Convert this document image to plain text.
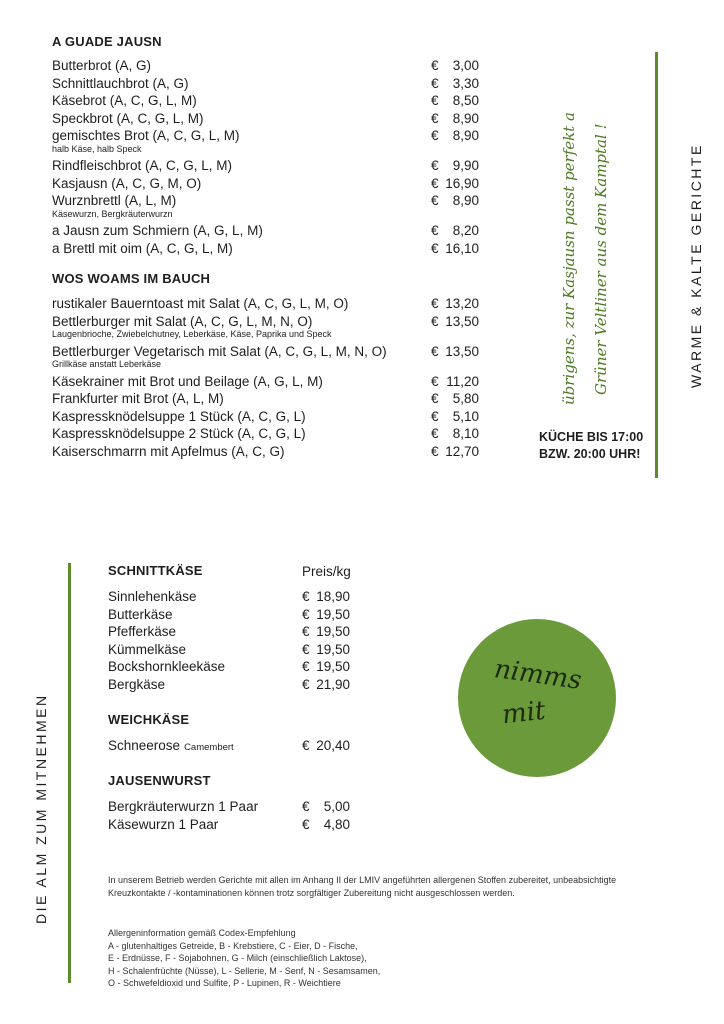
A GUADE JAUSN
Butterbrot (A, G)	€ 3,00
Schnittlauchbrot (A, G)	€ 3,30
Käsebrot (A, C, G, L, M)	€ 8,50
Speckbrot (A, C, G, L, M)	€ 8,90
gemischtes Brot (A, C, G, L, M)	€ 8,90
halb Käse, halb Speck
Rindfleischbrot (A, C, G, L, M)	€ 9,90
Kasjausn (A, C, G, M, O)	€ 16,90
Wurznbrettl (A, L, M)	€ 8,90
Käsewurzn, Bergkräuterwurzn
a Jausn zum Schmiern (A, G, L, M)	€ 8,20
a Brettl mit oim (A, C, G, L, M)	€ 16,10
WOS WOAMS IM BAUCH
rustikaler Bauerntoast mit Salat (A, C, G, L, M, O)	€ 13,20
Bettlerburger mit Salat (A, C, G, L, M, N, O)	€ 13,50
Laugenbrioche, Zwiebelchutney, Leberkäse, Käse, Paprika und Speck
Bettlerburger Vegetarisch mit Salat (A, C, G, L, M, N, O)	€ 13,50
Grillkäse anstatt Leberkäse
Käsekrainer mit Brot und Beilage (A, G, L, M)	€ 11,20
Frankfurter mit Brot (A, L, M)	€ 5,80
Kaspressknödelsuppe 1 Stück (A, C, G, L)	€ 5,10
Kaspressknödelsuppe 2 Stück (A, C, G, L)	€ 8,10
Kaiserschmarrn mit Apfelmus (A, C, G)	€ 12,70
übrigens, zur Kasjausn passt perfekt a Grüner Veltliner aus dem Kamptal !
KÜCHE BIS 17:00
BZW. 20:00 UHR!
WARME & KALTE GERICHTE
DIE ALM ZUM MITNEHMEN
SCHNITTKÄSE	Preis/kg
Sinnlehenkäse	€ 18,90
Butterkäse	€ 19,50
Pfefferkäse	€ 19,50
Kümmelkäse	€ 19,50
Bockshornkleekäse	€ 19,50
Bergkäse	€ 21,90
WEICHKÄSE
Schneerose Camembert	€ 20,40
JAUSENWURST
Bergkräuterwurzn 1 Paar	€ 5,00
Käsewurzn 1 Paar	€ 4,80
nimms
mit
In unserem Betrieb werden Gerichte mit allen im Anhang II der LMIV angeführten allergenen Stoffen zubereitet, unbeabsichtigte Kreuzkontakte / -kontaminationen können trotz sorgfältiger Zubereitung nicht ausgeschlossen werden.
Allergeninformation gemäß Codex-Empfehlung
A - glutenhaltiges Getreide, B - Krebstiere, C - Eier, D - Fische,
E - Erdnüsse, F - Sojabohnen, G - Milch (einschließlich Laktose),
H - Schalenfrüchte (Nüsse), L - Sellerie, M - Senf, N - Sesamsamen,
O - Schwefeldioxid und Sulfite, P - Lupinen, R - Weichtiere
